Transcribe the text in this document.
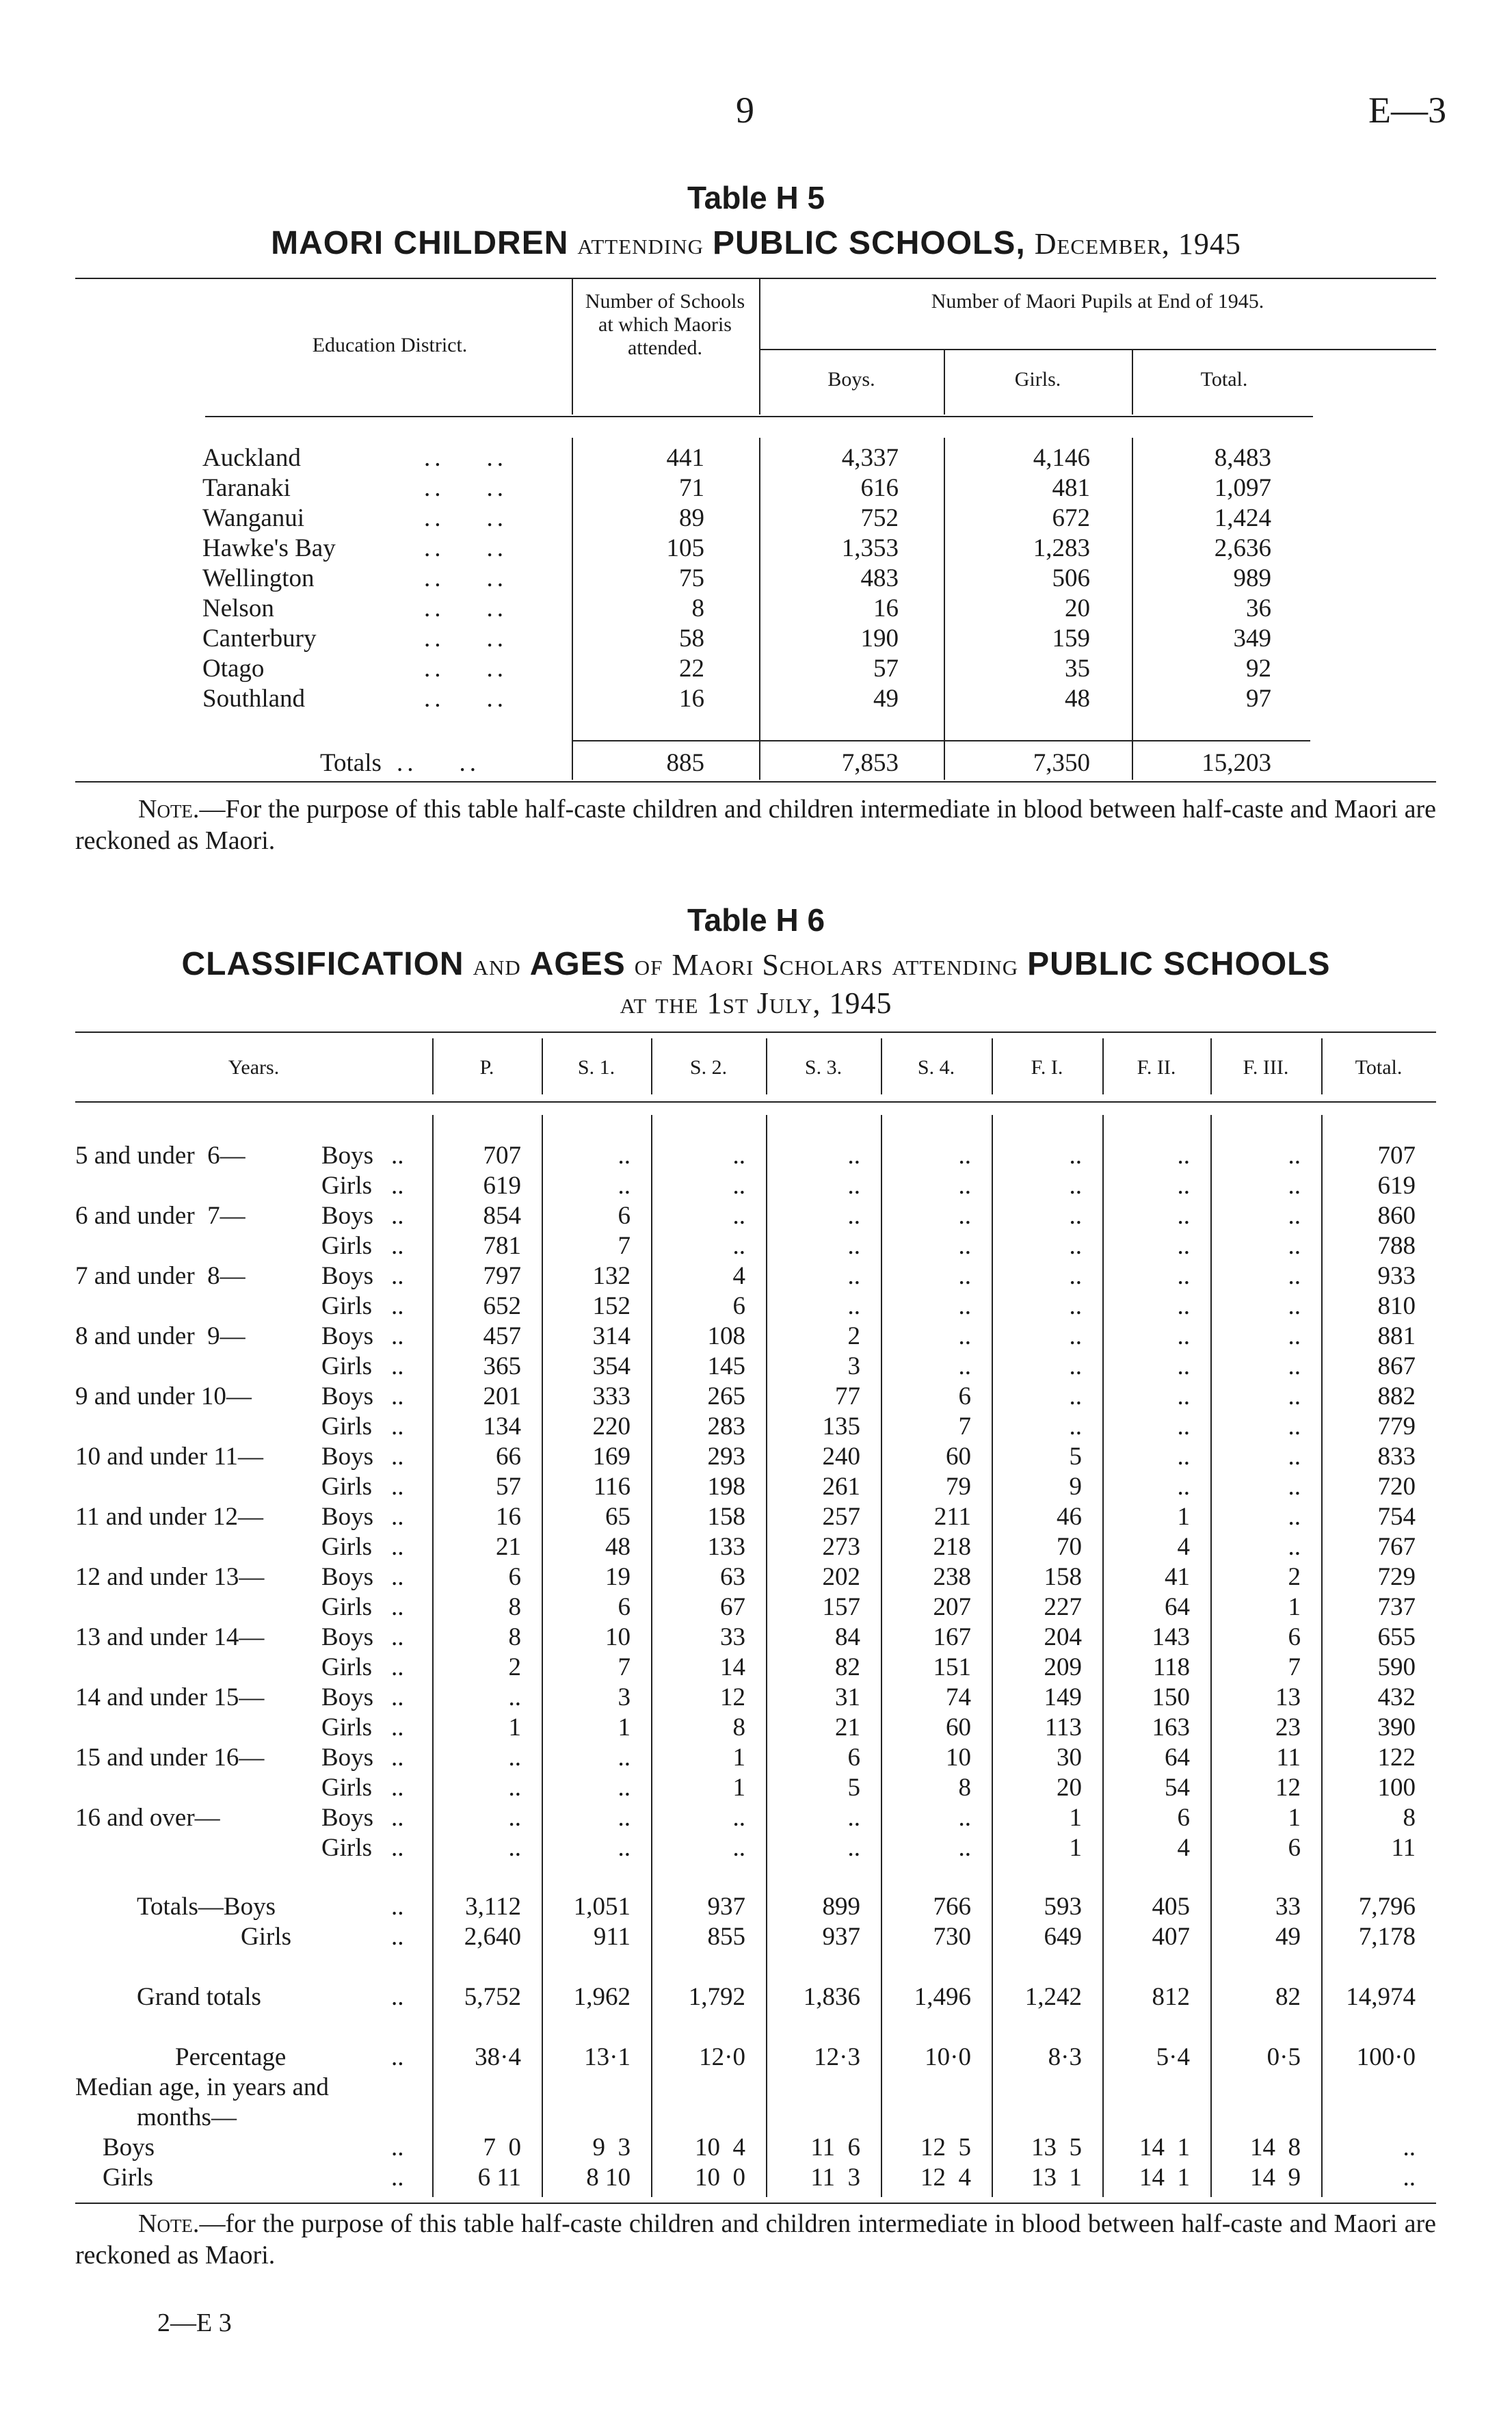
9	E—3
Table H 5
MAORI CHILDREN attending PUBLIC SCHOOLS, December, 1945
Education District.
Number of Schools at which Maoris attended.
Number of Maori Pupils at End of 1945.
Boys.	Girls.	Total.
Auckland	..    ..	441	4,337	4,146	8,483
Taranaki	..    ..	71	616	481	1,097
Wanganui	..    ..	89	752	672	1,424
Hawke's Bay	..    ..	105	1,353	1,283	2,636
Wellington	..    ..	75	483	506	989
Nelson	..    ..	8	16	20	36
Canterbury	..    ..	58	190	159	349
Otago	..    ..	22	57	35	92
Southland	..    ..	16	49	48	97
Totals ..    ..	885	7,853	7,350	15,203
Note.—For the purpose of this table half-caste children and children intermediate in blood between half-caste and Maori are reckoned as Maori.
Table H 6
CLASSIFICATION and AGES of Maori Scholars attending PUBLIC SCHOOLS
at the 1st July, 1945
Years.	P.	S. 1.	S. 2.	S. 3.	S. 4.	F. I.	F. II.	F. III.	Total.
5 and under  6—	Boys ..	707	..	..	..	..	..	..	..	707
Girls ..	619	..	..	..	..	..	..	..	619
6 and under  7—	Boys ..	854	6	..	..	..	..	..	..	860
Girls ..	781	7	..	..	..	..	..	..	788
7 and under  8—	Boys ..	797	132	4	..	..	..	..	..	933
Girls ..	652	152	6	..	..	..	..	..	810
8 and under  9—	Boys ..	457	314	108	2	..	..	..	..	881
Girls ..	365	354	145	3	..	..	..	..	867
9 and under 10—	Boys ..	201	333	265	77	6	..	..	..	882
Girls ..	134	220	283	135	7	..	..	..	779
10 and under 11— Boys ..	66	169	293	240	60	5	..	..	833
Girls ..	57	116	198	261	79	9	..	..	720
11 and under 12— Boys ..	16	65	158	257	211	46	1	..	754
Girls ..	21	48	133	273	218	70	4	..	767
12 and under 13— Boys ..	6	19	63	202	238	158	41	2	729
Girls ..	8	6	67	157	207	227	64	1	737
13 and under 14— Boys ..	8	10	33	84	167	204	143	6	655
Girls ..	2	7	14	82	151	209	118	7	590
14 and under 15— Boys ..	..	3	12	31	74	149	150	13	432
Girls ..	1	1	8	21	60	113	163	23	390
15 and under 16— Boys ..	..	..	1	6	10	30	64	11	122
Girls ..	..	..	1	5	8	20	54	12	100
16 and over—	Boys ..	..	..	..	..	..	1	6	1	8
Girls ..	..	..	..	..	..	1	4	6	11
Totals—Boys	..	3,112	1,051	937	899	766	593	405	33	7,796
Girls	..	2,640	911	855	937	730	649	407	49	7,178
Grand totals	..	5,752	1,962	1,792	1,836	1,496	1,242	812	82	14,974
Percentage	..	38·4	13·1	12·0	12·3	10·0	8·3	5·4	0·5	100·0
Boys	..	7  0	9  3	10  4	11  6	12  5	13  5	14  1	14  8	..
Girls	..	6 11	8 10	10  0	11  3	12  4	13  1	14  1	14  9	..
Median age, in years and
months—
Note.—for the purpose of this table half-caste children and children intermediate in blood between half-caste and Maori are reckoned as Maori.
2—E 3
